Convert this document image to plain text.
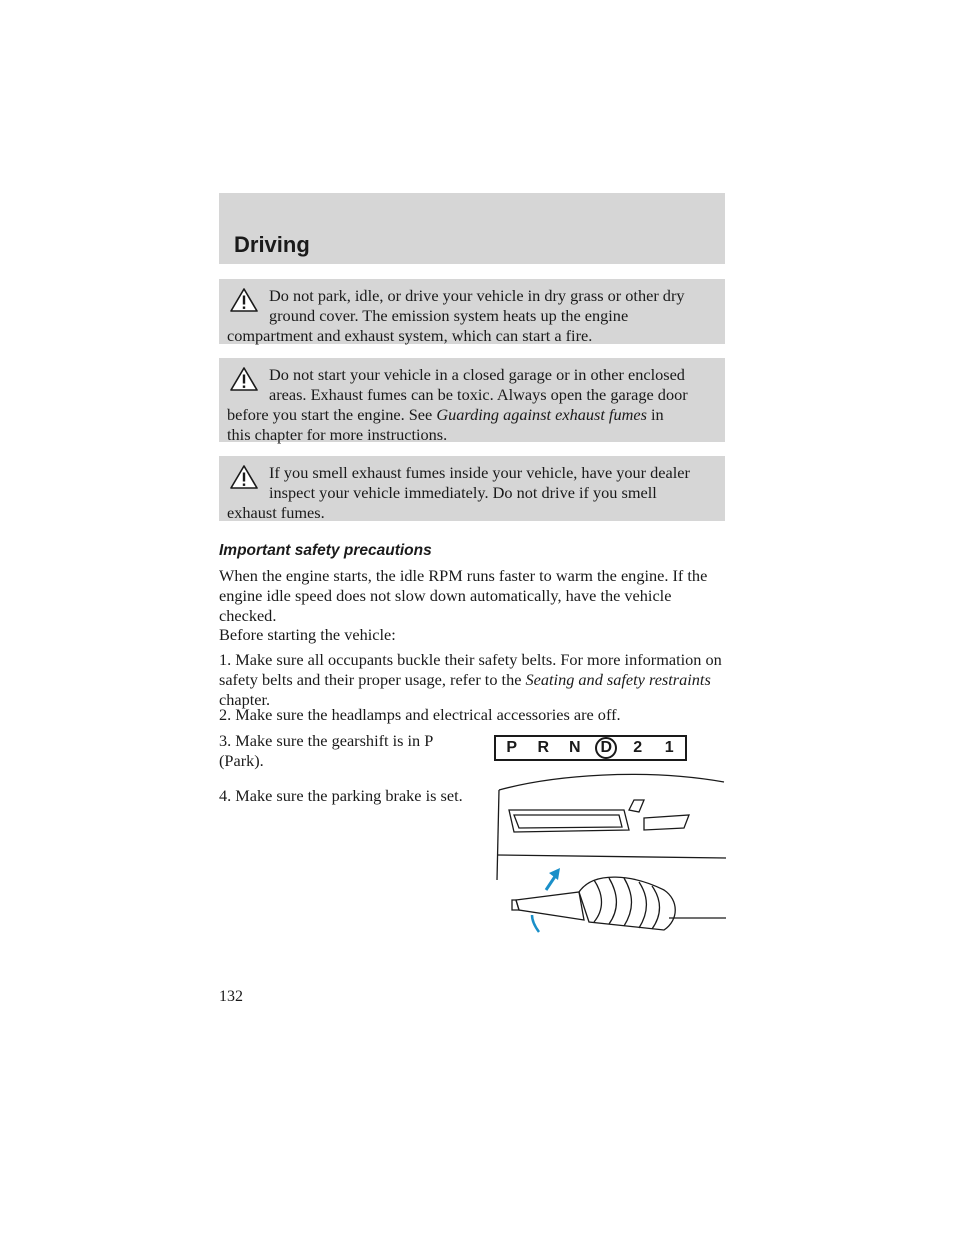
Driving
Do not park, idle, or drive your vehicle in dry grass or other dry
ground cover. The emission system heats up the engine
compartment and exhaust system, which can start a fire.
Do not start your vehicle in a closed garage or in other enclosed
areas. Exhaust fumes can be toxic. Always open the garage door
before you start the engine. See Guarding against exhaust fumes in
this chapter for more instructions.
If you smell exhaust fumes inside your vehicle, have your dealer
inspect your vehicle immediately. Do not drive if you smell
exhaust fumes.
Important safety precautions
When the engine starts, the idle RPM runs faster to warm the engine. If the engine idle speed does not slow down automatically, have the vehicle checked.
Before starting the vehicle:
1. Make sure all occupants buckle their safety belts. For more information on safety belts and their proper usage, refer to the Seating and safety restraints chapter.
2. Make sure the headlamps and electrical accessories are off.
3. Make sure the gearshift is in P (Park).
4. Make sure the parking brake is set.
P	R	N	D	2	1
132
